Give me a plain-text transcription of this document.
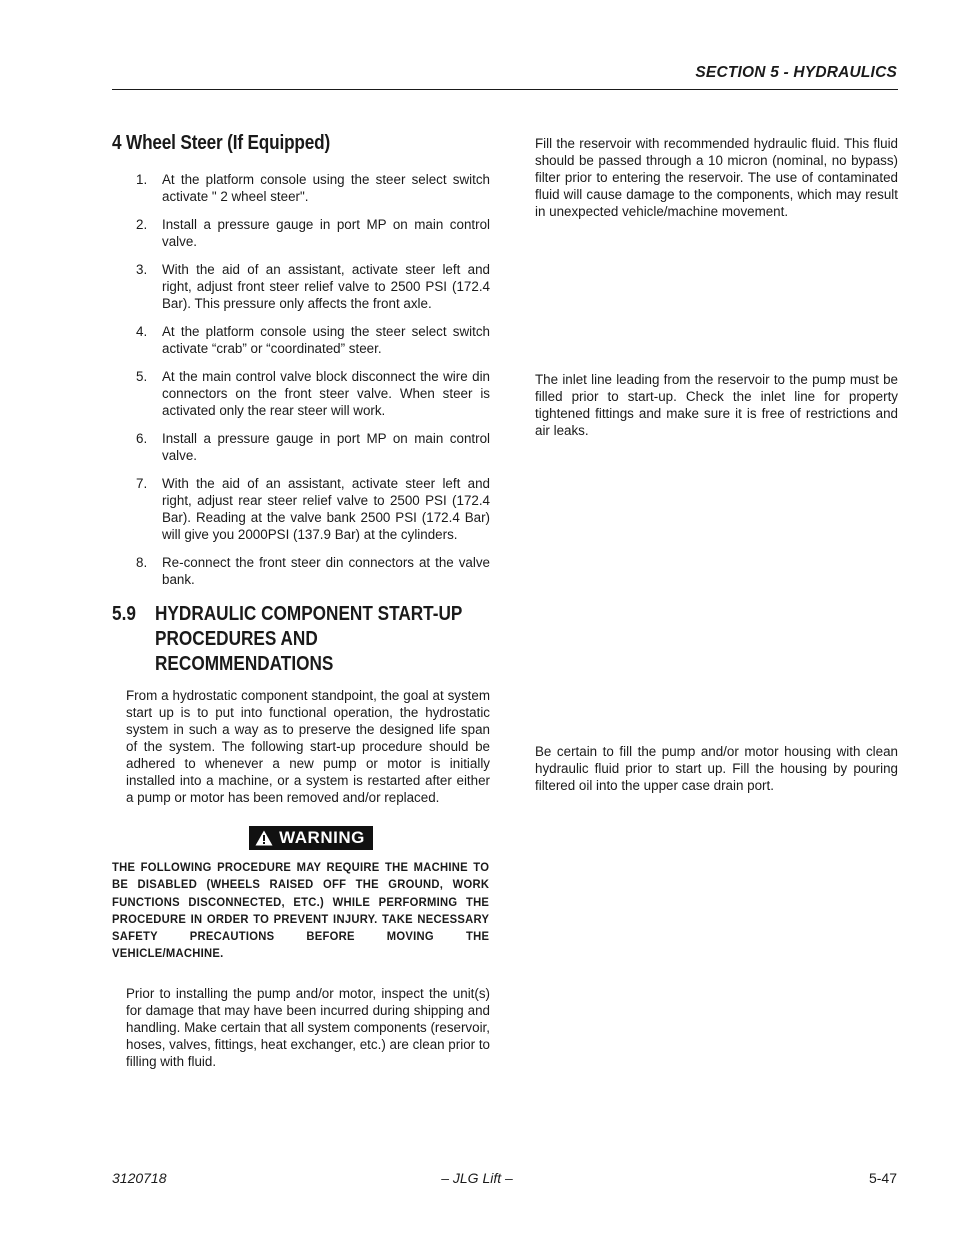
SECTION 5 - HYDRAULICS
4 Wheel Steer (If Equipped)
1. At the platform console using the steer select switch activate " 2 wheel steer".
2. Install a pressure gauge in port MP on main control valve.
3. With the aid of an assistant, activate steer left and right, adjust front steer relief valve to 2500 PSI (172.4 Bar). This pressure only affects the front axle.
4. At the platform console using the steer select switch activate “crab” or “coordinated” steer.
5. At the main control valve block disconnect the wire din connectors on the front steer valve. When steer is activated only the rear steer will work.
6. Install a pressure gauge in port MP on main control valve.
7. With the aid of an assistant, activate steer left and right, adjust rear steer relief valve to 2500 PSI (172.4 Bar). Reading at the valve bank 2500 PSI (172.4 Bar) will give you 2000PSI (137.9 Bar) at the cylinders.
8. Re-connect the front steer din connectors at the valve bank.
5.9 HYDRAULIC COMPONENT START-UP
PROCEDURES AND
RECOMMENDATIONS

From a hydrostatic component standpoint, the goal at system start up is to put into functional operation, the hydrostatic system in such a way as to preserve the designed life span of the system. The following start-up procedure should be adhered to whenever a new pump or motor is initially installed into a machine, or a system is restarted after either a pump or motor has been removed and/or replaced.

WARNING
THE FOLLOWING PROCEDURE MAY REQUIRE THE MACHINE TO BE DISABLED (WHEELS RAISED OFF THE GROUND, WORK FUNCTIONS DISCONNECTED, ETC.) WHILE PERFORMING THE PROCEDURE IN ORDER TO PREVENT INJURY. TAKE NECESSARY SAFETY PRECAUTIONS BEFORE MOVING THE VEHICLE/MACHINE.

Prior to installing the pump and/or motor, inspect the unit(s) for damage that may have been incurred during shipping and handling. Make certain that all system components (reservoir, hoses, valves, fittings, heat exchanger, etc.) are clean prior to filling with fluid.

Fill the reservoir with recommended hydraulic fluid. This fluid should be passed through a 10 micron (nominal, no bypass) filter prior to entering the reservoir. The use of contaminated fluid will cause damage to the components, which may result in unexpected vehicle/machine movement.

The inlet line leading from the reservoir to the pump must be filled prior to start-up. Check the inlet line for property tightened fittings and make sure it is free of restrictions and air leaks.

Be certain to fill the pump and/or motor housing with clean hydraulic fluid prior to start up. Fill the housing by pouring filtered oil into the upper case drain port.

– JLG Lift –
3120718	5-47
